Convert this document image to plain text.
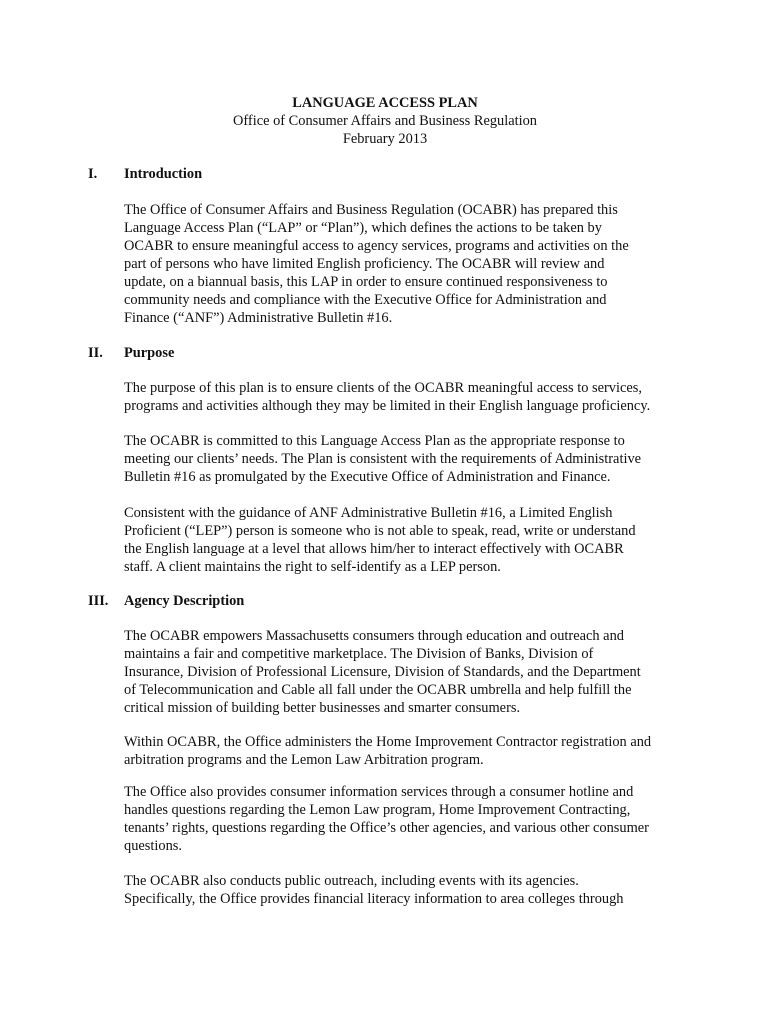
LANGUAGE ACCESS PLAN
Office of Consumer Affairs and Business Regulation
February 2013
I. Introduction
The Office of Consumer Affairs and Business Regulation (OCABR) has prepared this
Language Access Plan (“LAP” or “Plan”), which defines the actions to be taken by
OCABR to ensure meaningful access to agency services, programs and activities on the
part of persons who have limited English proficiency. The OCABR will review and
update, on a biannual basis, this LAP in order to ensure continued responsiveness to
community needs and compliance with the Executive Office for Administration and
Finance (“ANF”) Administrative Bulletin #16.
II. Purpose
The purpose of this plan is to ensure clients of the OCABR meaningful access to services,
programs and activities although they may be limited in their English language proficiency.
The OCABR is committed to this Language Access Plan as the appropriate response to
meeting our clients’ needs. The Plan is consistent with the requirements of Administrative
Bulletin #16 as promulgated by the Executive Office of Administration and Finance.
Consistent with the guidance of ANF Administrative Bulletin #16, a Limited English
Proficient (“LEP”) person is someone who is not able to speak, read, write or understand
the English language at a level that allows him/her to interact effectively with OCABR
staff. A client maintains the right to self-identify as a LEP person.
III. Agency Description
The OCABR empowers Massachusetts consumers through education and outreach and
maintains a fair and competitive marketplace. The Division of Banks, Division of
Insurance, Division of Professional Licensure, Division of Standards, and the Department
of Telecommunication and Cable all fall under the OCABR umbrella and help fulfill the
critical mission of building better businesses and smarter consumers.
Within OCABR, the Office administers the Home Improvement Contractor registration and
arbitration programs and the Lemon Law Arbitration program.
The Office also provides consumer information services through a consumer hotline and
handles questions regarding the Lemon Law program, Home Improvement Contracting,
tenants’ rights, questions regarding the Office’s other agencies, and various other consumer
questions.
The OCABR also conducts public outreach, including events with its agencies.
Specifically, the Office provides financial literacy information to area colleges through
